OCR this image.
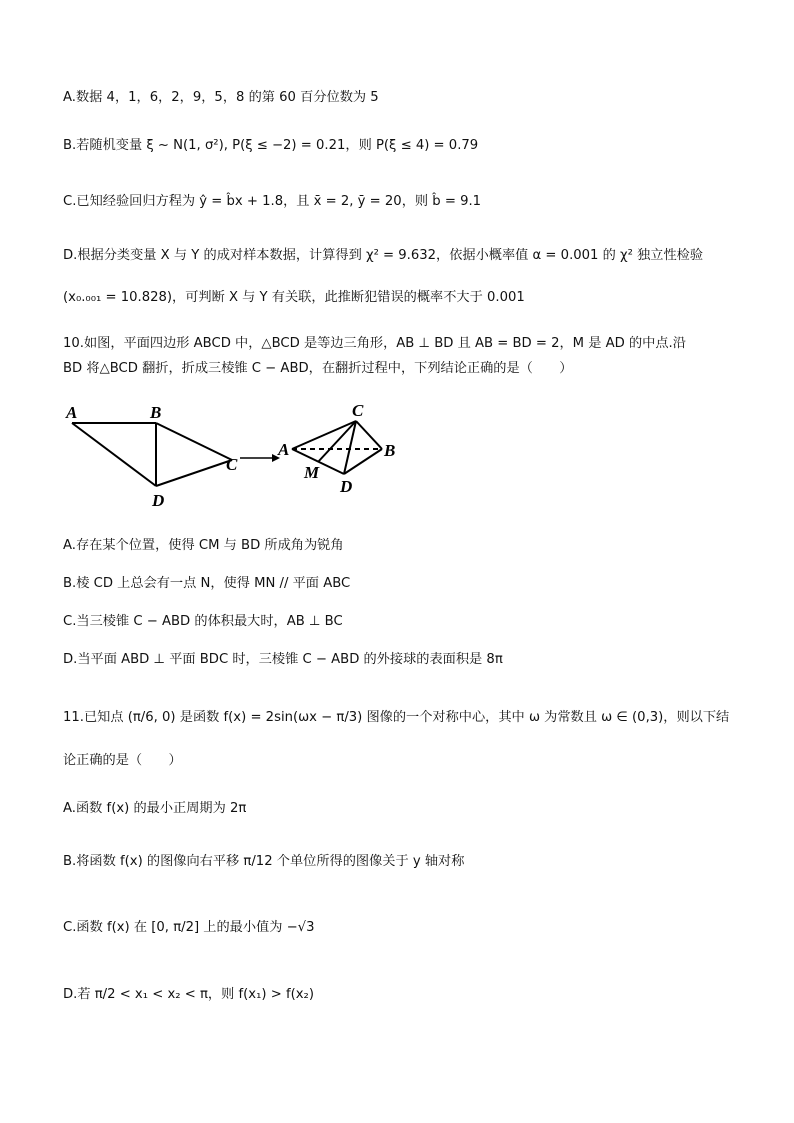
A.数据 4，1，6，2，9，5，8 的第 60 百分位数为 5
B.若随机变量 ξ ~ N(1, σ²), P(ξ ≤ −2) = 0.21，则 P(ξ ≤ 4) = 0.79
C.已知经验回归方程为 ŷ = b̂x + 1.8，且 x̄ = 2, ȳ = 20，则 b̂ = 9.1
D.根据分类变量 X 与 Y 的成对样本数据，计算得到 χ² = 9.632，依据小概率值 α = 0.001 的 χ² 独立性检验
(x₀.₀₀₁ = 10.828)，可判断 X 与 Y 有关联，此推断犯错误的概率不大于 0.001
10.如图，平面四边形 ABCD 中，△BCD 是等边三角形，AB ⊥ BD 且 AB = BD = 2，M 是 AD 的中点.沿
BD 将△BCD 翻折，折成三棱锥 C − ABD，在翻折过程中，下列结论正确的是（　　）
A	B
C
D
A
C
B
M
D
A.存在某个位置，使得 CM 与 BD 所成角为锐角
B.棱 CD 上总会有一点 N，使得 MN // 平面 ABC
C.当三棱锥 C − ABD 的体积最大时，AB ⊥ BC
D.当平面 ABD ⊥ 平面 BDC 时，三棱锥 C − ABD 的外接球的表面积是 8π
11.已知点 (π/6, 0) 是函数 f(x) = 2sin(ωx − π/3) 图像的一个对称中心，其中 ω 为常数且 ω ∈ (0,3)，则以下结
论正确的是（　　）
A.函数 f(x) 的最小正周期为 2π
B.将函数 f(x) 的图像向右平移 π/12 个单位所得的图像关于 y 轴对称
C.函数 f(x) 在 [0, π/2] 上的最小值为 −√3
D.若 π/2 < x₁ < x₂ < π，则 f(x₁) > f(x₂)
